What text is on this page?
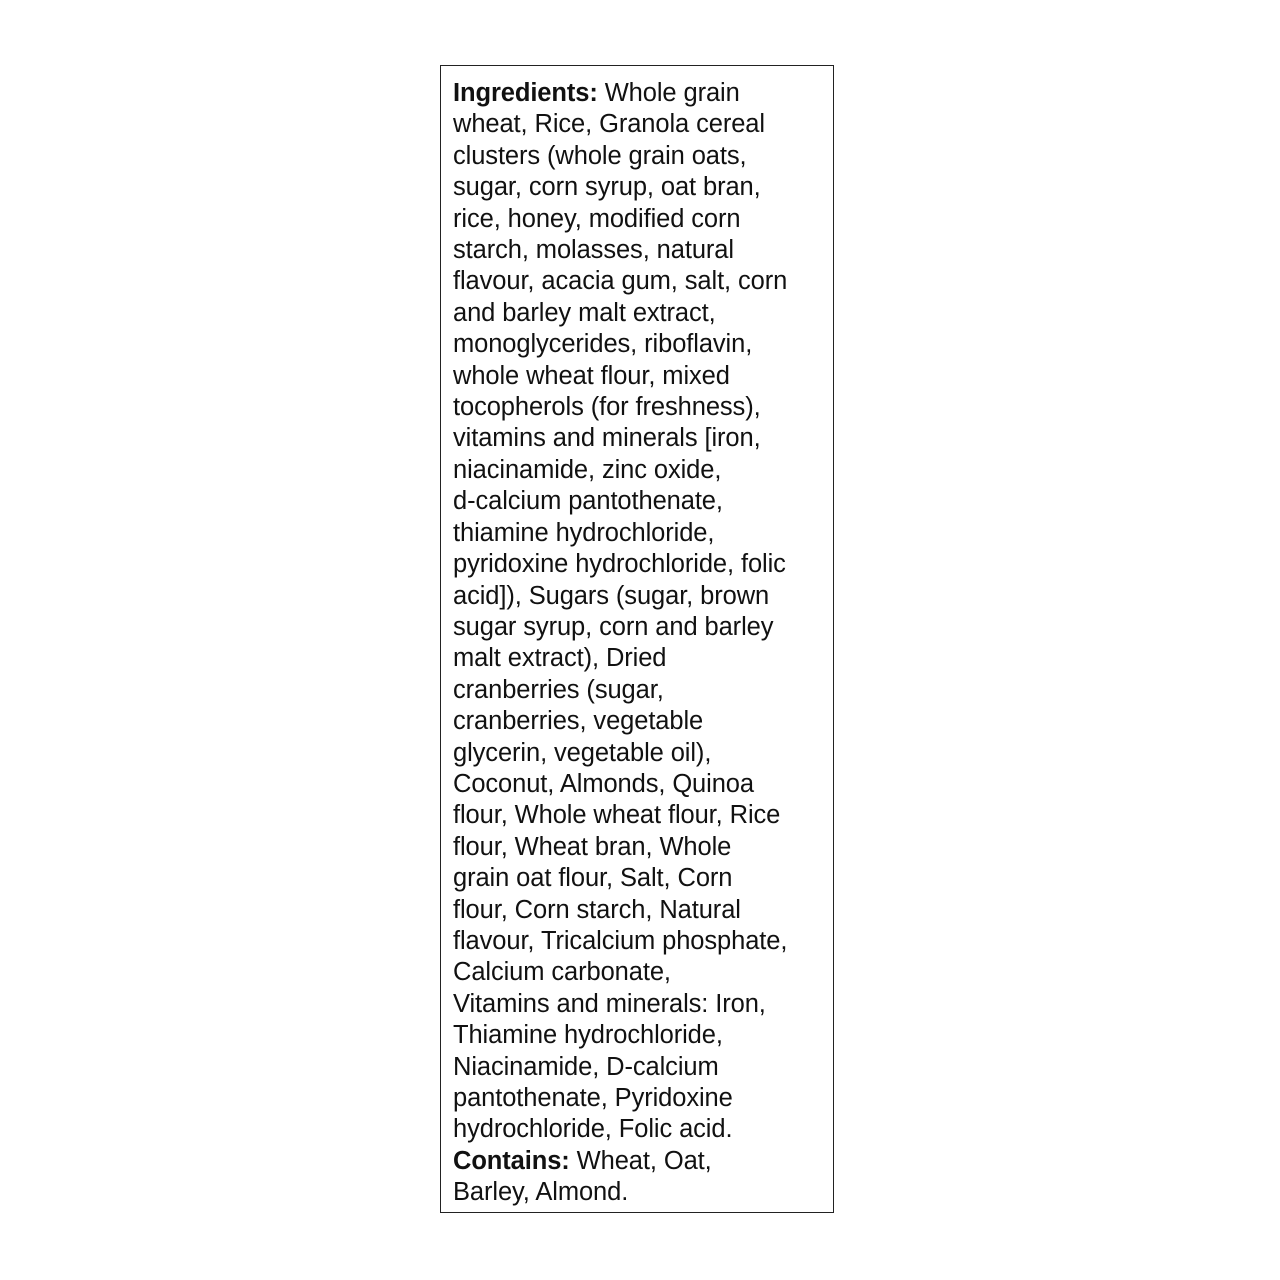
Ingredients: Whole grain
wheat, Rice, Granola cereal
clusters (whole grain oats,
sugar, corn syrup, oat bran,
rice, honey, modified corn
starch, molasses, natural
flavour, acacia gum, salt, corn
and barley malt extract,
monoglycerides, riboflavin,
whole wheat flour, mixed
tocopherols (for freshness),
vitamins and minerals [iron,
niacinamide, zinc oxide,
d-calcium pantothenate,
thiamine hydrochloride,
pyridoxine hydrochloride, folic
acid]), Sugars (sugar, brown
sugar syrup, corn and barley
malt extract), Dried
cranberries (sugar,
cranberries, vegetable
glycerin, vegetable oil),
Coconut, Almonds, Quinoa
flour, Whole wheat flour, Rice
flour, Wheat bran, Whole
grain oat flour, Salt, Corn
flour, Corn starch, Natural
flavour, Tricalcium phosphate,
Calcium carbonate,
Vitamins and minerals: Iron,
Thiamine hydrochloride,
Niacinamide, D-calcium
pantothenate, Pyridoxine
hydrochloride, Folic acid.
Contains: Wheat, Oat,
Barley, Almond.
